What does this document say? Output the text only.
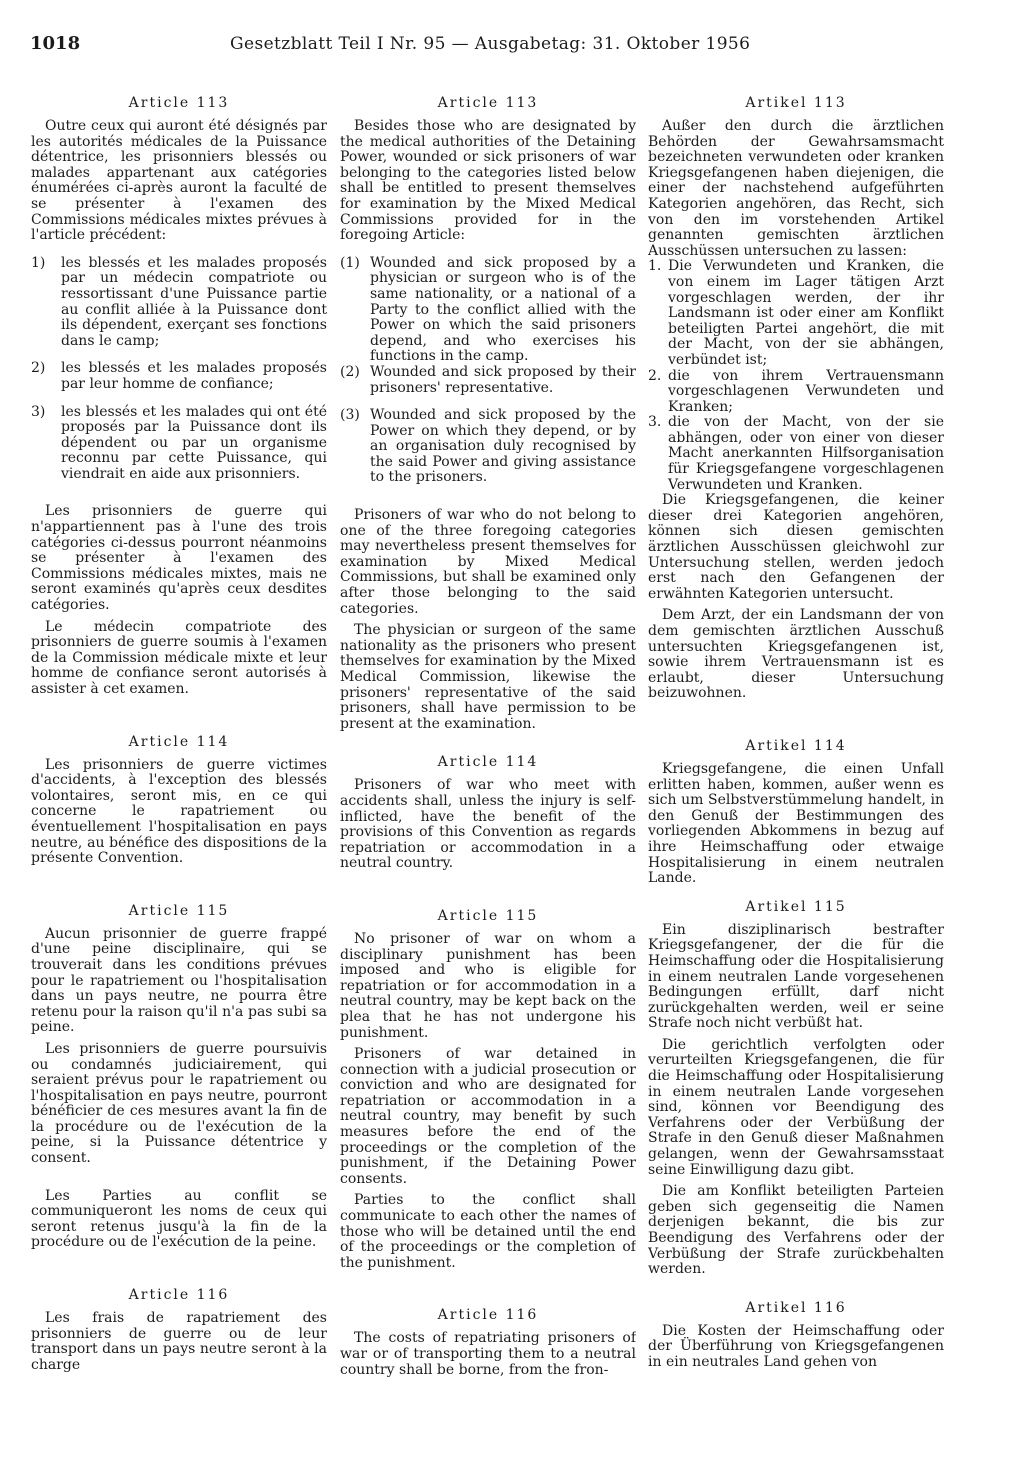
1018	Gesetzblatt Teil I Nr. 95 — Ausgabetag: 31. Oktober 1956
Article 113

Outre ceux qui auront été désignés par les autorités médicales de la Puissance détentrice, les prisonniers blessés ou malades appartenant aux catégories énumérées ci-après auront la faculté de se présenter à l'examen des Commissions médicales mixtes prévues à l'article précédent:

1) les blessés et les malades proposés par un médecin compatriote ou ressortissant d'une Puissance partie au conflit alliée à la Puissance dont ils dépendent, exerçant ses fonctions dans le camp;
2) les blessés et les malades proposés par leur homme de confiance;
3) les blessés et les malades qui ont été proposés par la Puissance dont ils dépendent ou par un organisme reconnu par cette Puissance, qui viendrait en aide aux prisonniers.

Les prisonniers de guerre qui n'appartiennent pas à l'une des trois catégories ci-dessus pourront néanmoins se présenter à l'examen des Commissions médicales mixtes, mais ne seront examinés qu'après ceux desdites catégories.

Le médecin compatriote des prisonniers de guerre soumis à l'examen de la Commission médicale mixte et leur homme de confiance seront autorisés à assister à cet examen.

Article 114

Les prisonniers de guerre victimes d'accidents, à l'exception des blessés volontaires, seront mis, en ce qui concerne le rapatriement ou éventuellement l'hospitalisation en pays neutre, au bénéfice des dispositions de la présente Convention.

Article 115

Aucun prisonnier de guerre frappé d'une peine disciplinaire, qui se trouverait dans les conditions prévues pour le rapatriement ou l'hospitalisation dans un pays neutre, ne pourra être retenu pour la raison qu'il n'a pas subi sa peine.

Les prisonniers de guerre poursuivis ou condamnés judiciairement, qui seraient prévus pour le rapatriement ou l'hospitalisation en pays neutre, pourront bénéficier de ces mesures avant la fin de la procédure ou de l'exécution de la peine, si la Puissance détentrice y consent.

Les Parties au conflit se communiqueront les noms de ceux qui seront retenus jusqu'à la fin de la procédure ou de l'exécution de la peine.

Article 116

Les frais de rapatriement des prisonniers de guerre ou de leur transport dans un pays neutre seront à la charge

Article 113

Besides those who are designated by the medical authorities of the Detaining Power, wounded or sick prisoners of war belonging to the categories listed below shall be entitled to present themselves for examination by the Mixed Medical Commissions provided for in the foregoing Article:

(1) Wounded and sick proposed by a physician or surgeon who is of the same nationality, or a national of a Party to the conflict allied with the Power on which the said prisoners depend, and who exercises his functions in the camp.
(2) Wounded and sick proposed by their prisoners' representative.
(3) Wounded and sick proposed by the Power on which they depend, or by an organisation duly recognised by the said Power and giving assistance to the prisoners.

Prisoners of war who do not belong to one of the three foregoing categories may nevertheless present themselves for examination by Mixed Medical Commissions, but shall be examined only after those belonging to the said categories.

The physician or surgeon of the same nationality as the prisoners who present themselves for examination by the Mixed Medical Commission, likewise the prisoners' representative of the said prisoners, shall have permission to be present at the examination.

Article 114

Prisoners of war who meet with accidents shall, unless the injury is self-inflicted, have the benefit of the provisions of this Convention as regards repatriation or accommodation in a neutral country.

Article 115

No prisoner of war on whom a disciplinary punishment has been imposed and who is eligible for repatriation or for accommodation in a neutral country, may be kept back on the plea that he has not undergone his punishment.

Prisoners of war detained in connection with a judicial prosecution or conviction and who are designated for repatriation or accommodation in a neutral country, may benefit by such measures before the end of the proceedings or the completion of the punishment, if the Detaining Power consents.

Parties to the conflict shall communicate to each other the names of those who will be detained until the end of the proceedings or the completion of the punishment.

Article 116

The costs of repatriating prisoners of war or of transporting them to a neutral country shall be borne, from the fron-

Artikel 113

Außer den durch die ärztlichen Behörden der Gewahrsamsmacht bezeichneten verwundeten oder kranken Kriegsgefangenen haben diejenigen, die einer der nachstehend aufgeführten Kategorien angehören, das Recht, sich von den im vorstehenden Artikel genannten gemischten ärztlichen Ausschüssen untersuchen zu lassen:

1. Die Verwundeten und Kranken, die von einem im Lager tätigen Arzt vorgeschlagen werden, der ihr Landsmann ist oder einer am Konflikt beteiligten Partei angehört, die mit der Macht, von der sie abhängen, verbündet ist;
2. die von ihrem Vertrauensmann vorgeschlagenen Verwundeten und Kranken;
3. die von der Macht, von der sie abhängen, oder von einer von dieser Macht anerkannten Hilfsorganisation für Kriegsgefangene vorgeschlagenen Verwundeten und Kranken.

Die Kriegsgefangenen, die keiner dieser drei Kategorien angehören, können sich diesen gemischten ärztlichen Ausschüssen gleichwohl zur Untersuchung stellen, werden jedoch erst nach den Gefangenen der erwähnten Kategorien untersucht.

Dem Arzt, der ein Landsmann der von dem gemischten ärztlichen Ausschuß untersuchten Kriegsgefangenen ist, sowie ihrem Vertrauensmann ist es erlaubt, dieser Untersuchung beizuwohnen.

Artikel 114

Kriegsgefangene, die einen Unfall erlitten haben, kommen, außer wenn es sich um Selbstverstümmelung handelt, in den Genuß der Bestimmungen des vorliegenden Abkommens in bezug auf ihre Heimschaffung oder etwaige Hospitalisierung in einem neutralen Lande.

Artikel 115

Ein disziplinarisch bestrafter Kriegsgefangener, der die für die Heimschaffung oder die Hospitalisierung in einem neutralen Lande vorgesehenen Bedingungen erfüllt, darf nicht zurückgehalten werden, weil er seine Strafe noch nicht verbüßt hat.

Die gerichtlich verfolgten oder verurteilten Kriegsgefangenen, die für die Heimschaffung oder Hospitalisierung in einem neutralen Lande vorgesehen sind, können vor Beendigung des Verfahrens oder der Verbüßung der Strafe in den Genuß dieser Maßnahmen gelangen, wenn der Gewahrsamsstaat seine Einwilligung dazu gibt.

Die am Konflikt beteiligten Parteien geben sich gegenseitig die Namen derjenigen bekannt, die bis zur Beendigung des Verfahrens oder der Verbüßung der Strafe zurückbehalten werden.

Artikel 116

Die Kosten der Heimschaffung oder der Überführung von Kriegsgefangenen in ein neutrales Land gehen von
